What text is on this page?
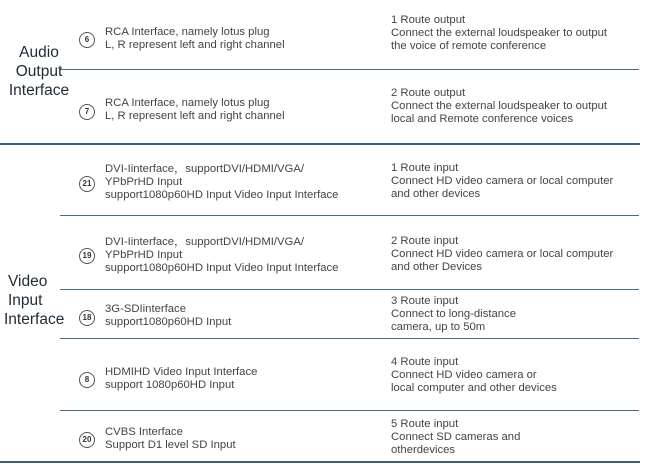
Audio
Output
Interface
Video
Input
Interface
6
7
21
19
18
8
20
RCA Interface, namely lotus plug
L, R represent left and right channel
RCA Interface, namely lotus plug
L, R represent left and right channel
DVI-Iinterface，supportDVI/HDMI/VGA/
YPbPrHD Input
support1080p60HD Input Video Input Interface
DVI-Iinterface，supportDVI/HDMI/VGA/
YPbPrHD Input
support1080p60HD Input Video Input Interface
3G-SDIinterface
support1080p60HD Input
HDMIHD Video Input Interface
support 1080p60HD Input
CVBS Interface
Support D1 level SD Input
1 Route output
Connect the external loudspeaker to output
the voice of remote conference
2 Route output
Connect the external loudspeaker to output
local and Remote conference voices
1 Route input
Connect HD video camera or local computer
and other devices
2 Route input
Connect HD video camera or local computer
and other Devices
3 Route input
Connect to long-distance
camera, up to 50m
4 Route input
Connect HD video camera or
local computer and other devices
5 Route input
Connect SD cameras and
otherdevices
